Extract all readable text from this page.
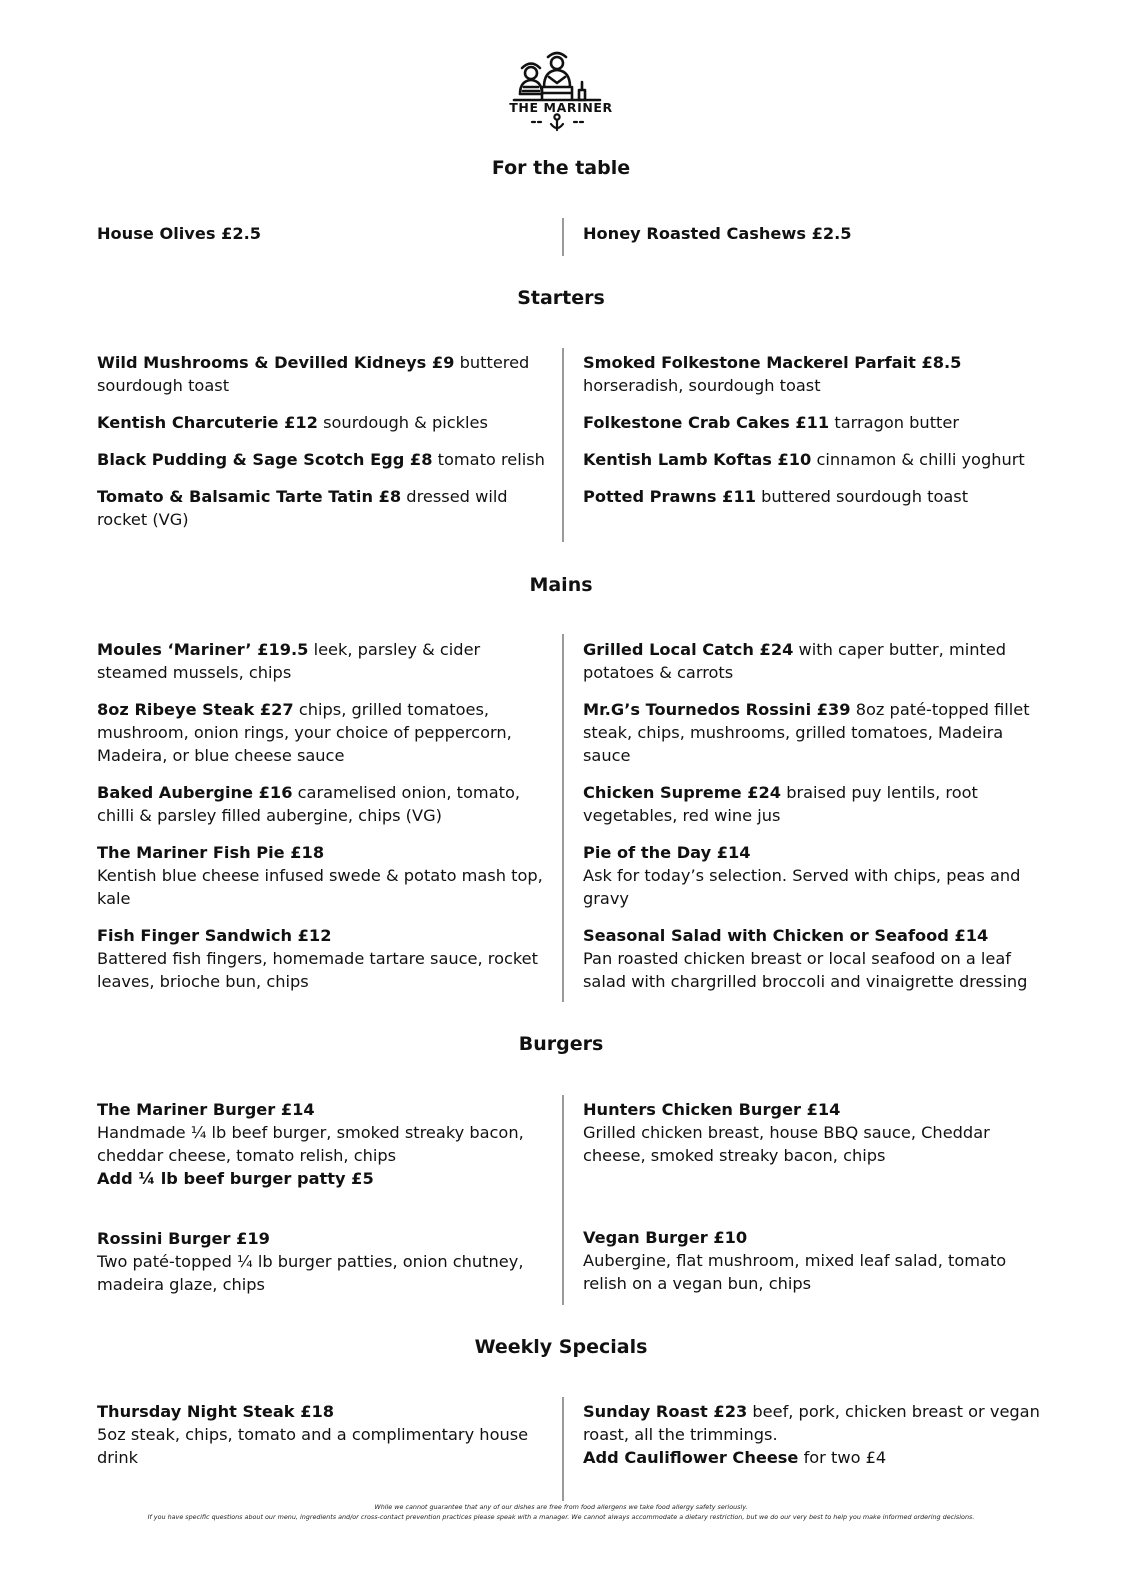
THE MARINER
For the table
House Olives £2.5	Honey Roasted Cashews £2.5
Starters
Wild Mushrooms & Devilled Kidneys £9 buttered sourdough toast
Kentish Charcuterie £12 sourdough & pickles
Black Pudding & Sage Scotch Egg £8 tomato relish
Tomato & Balsamic Tarte Tatin £8 dressed wild rocket (VG)
Smoked Folkestone Mackerel Parfait £8.5 horseradish, sourdough toast
Folkestone Crab Cakes £11 tarragon butter
Kentish Lamb Koftas £10 cinnamon & chilli yoghurt
Potted Prawns £11 buttered sourdough toast
Mains
Moules ‘Mariner’ £19.5 leek, parsley & cider steamed mussels, chips
8oz Ribeye Steak £27 chips, grilled tomatoes, mushroom, onion rings, your choice of peppercorn, Madeira, or blue cheese sauce
Baked Aubergine £16 caramelised onion, tomato, chilli & parsley filled aubergine, chips (VG)
The Mariner Fish Pie £18
Kentish blue cheese infused swede & potato mash top, kale
Fish Finger Sandwich £12
Battered fish fingers, homemade tartare sauce, rocket leaves, brioche bun, chips
Grilled Local Catch £24 with caper butter, minted potatoes & carrots
Mr.G’s Tournedos Rossini £39 8oz paté-topped fillet steak, chips, mushrooms, grilled tomatoes, Madeira sauce
Chicken Supreme £24 braised puy lentils, root vegetables, red wine jus
Pie of the Day £14
Ask for today’s selection. Served with chips, peas and gravy
Seasonal Salad with Chicken or Seafood £14
Pan roasted chicken breast or local seafood on a leaf salad with chargrilled broccoli and vinaigrette dressing
Burgers
The Mariner Burger £14
Handmade ¼ lb beef burger, smoked streaky bacon, cheddar cheese, tomato relish, chips
Add ¼ lb beef burger patty £5
Rossini Burger £19
Two paté-topped ¼ lb burger patties, onion chutney, madeira glaze, chips
Hunters Chicken Burger £14
Grilled chicken breast, house BBQ sauce, Cheddar cheese, smoked streaky bacon, chips
Vegan Burger £10
Aubergine, flat mushroom, mixed leaf salad, tomato relish on a vegan bun, chips
Weekly Specials
Thursday Night Steak £18
5oz steak, chips, tomato and a complimentary house drink
Sunday Roast £23 beef, pork, chicken breast or vegan roast, all the trimmings.
Add Cauliflower Cheese for two £4
While we cannot guarantee that any of our dishes are free from food allergens we take food allergy safety seriously.
If you have specific questions about our menu, ingredients and/or cross-contact prevention practices please speak with a manager. We cannot always accommodate a dietary restriction, but we do our very best to help you make informed ordering decisions.
